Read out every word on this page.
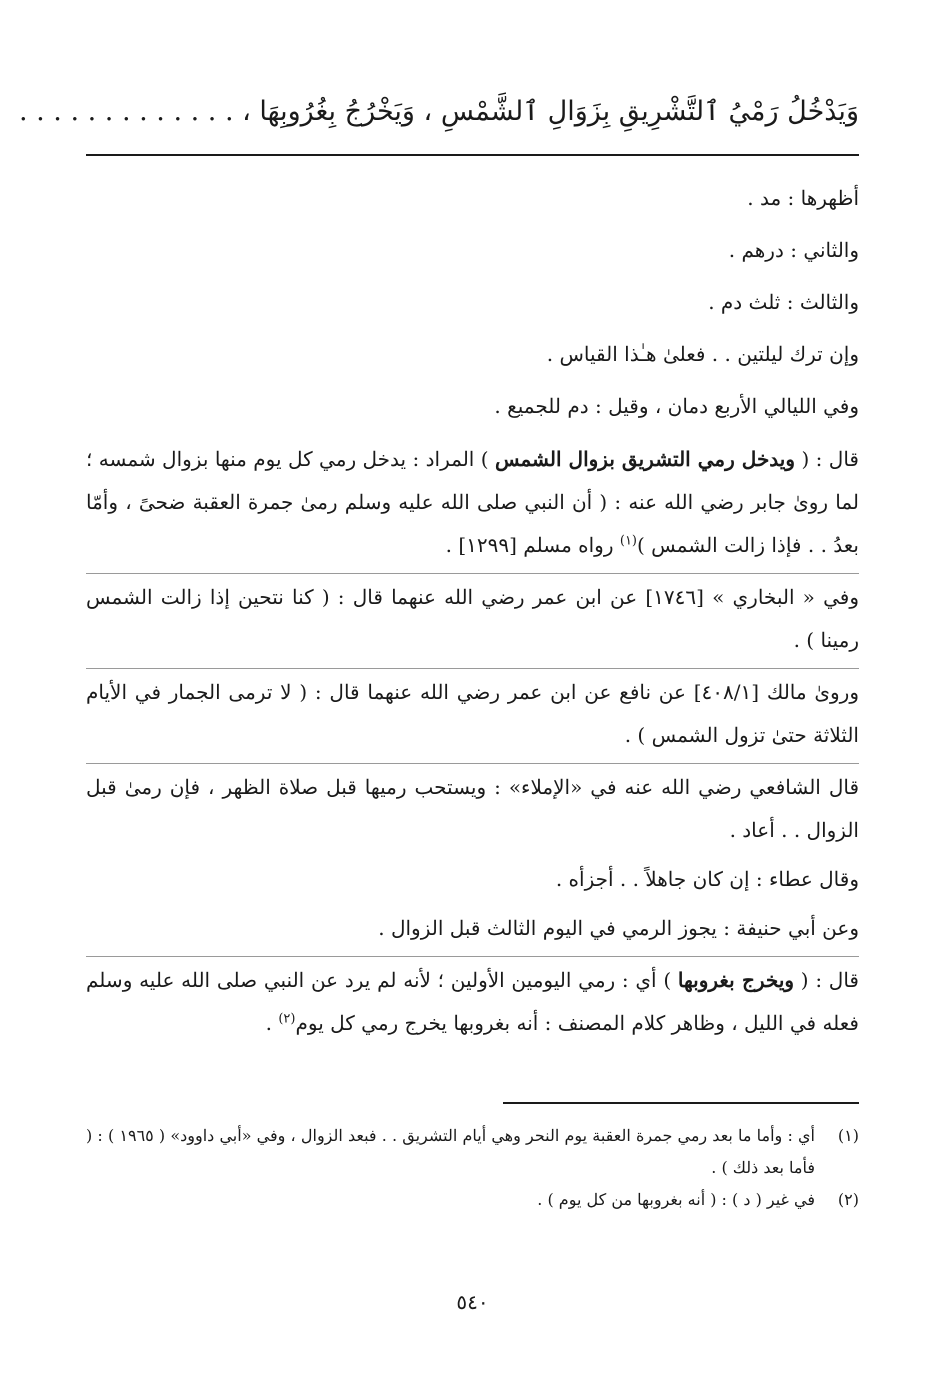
وَيَدْخُلُ رَمْيُ ٱلتَّشْرِيقِ بِزَوَالِ ٱلشَّمْسِ ، وَيَخْرُجُ بِغُرُوبِهَا ، . . . . . . . . . . . . .
أظهرها : مد .
والثاني : درهم .
والثالث : ثلث دم .
وإن ترك ليلتين . . فعلىٰ هـٰذا القياس .
وفي الليالي الأربع دمان ، وقيل : دم للجميع .

قال : ( ويدخل رمي التشريق بزوال الشمس ) المراد : يدخل رمي كل يوم منها بزوال شمسه ؛ لما روىٰ جابر رضي الله عنه : ( أن النبي صلى الله عليه وسلم رمىٰ جمرة العقبة ضحىً ، وأمّا بعدُ . . فإذا زالت الشمس )$^{(١)}$ رواه مسلم [١٢٩٩] .

وفي « البخاري » [١٧٤٦] عن ابن عمر رضي الله عنهما قال : ( كنا نتحين إذا زالت الشمس رمينا ) .

وروىٰ مالك [٤٠٨/١] عن نافع عن ابن عمر رضي الله عنهما قال : ( لا ترمى الجمار في الأيام الثلاثة حتىٰ تزول الشمس ) .

قال الشافعي رضي الله عنه في «الإملاء» : ويستحب رميها قبل صلاة الظهر ، فإن رمىٰ قبل الزوال . . أعاد .

وقال عطاء : إن كان جاهلاً . . أجزأه .

وعن أبي حنيفة : يجوز الرمي في اليوم الثالث قبل الزوال .

قال : ( ويخرج بغروبها ) أي : رمي اليومين الأولين ؛ لأنه لم يرد عن النبي صلى الله عليه وسلم فعله في الليل ، وظاهر كلام المصنف : أنه بغروبها يخرج رمي كل يوم$^{(٢)}$ .

(١)
أي : وأما ما بعد رمي جمرة العقبة يوم النحر وهي أيام التشريق . . فبعد الزوال ، وفي «أبي داوود» ( ١٩٦٥ ) : ( فأما بعد ذلك ) .
(٢)
في غير ( د ) : ( أنه بغروبها من كل يوم ) .
٥٤٠
